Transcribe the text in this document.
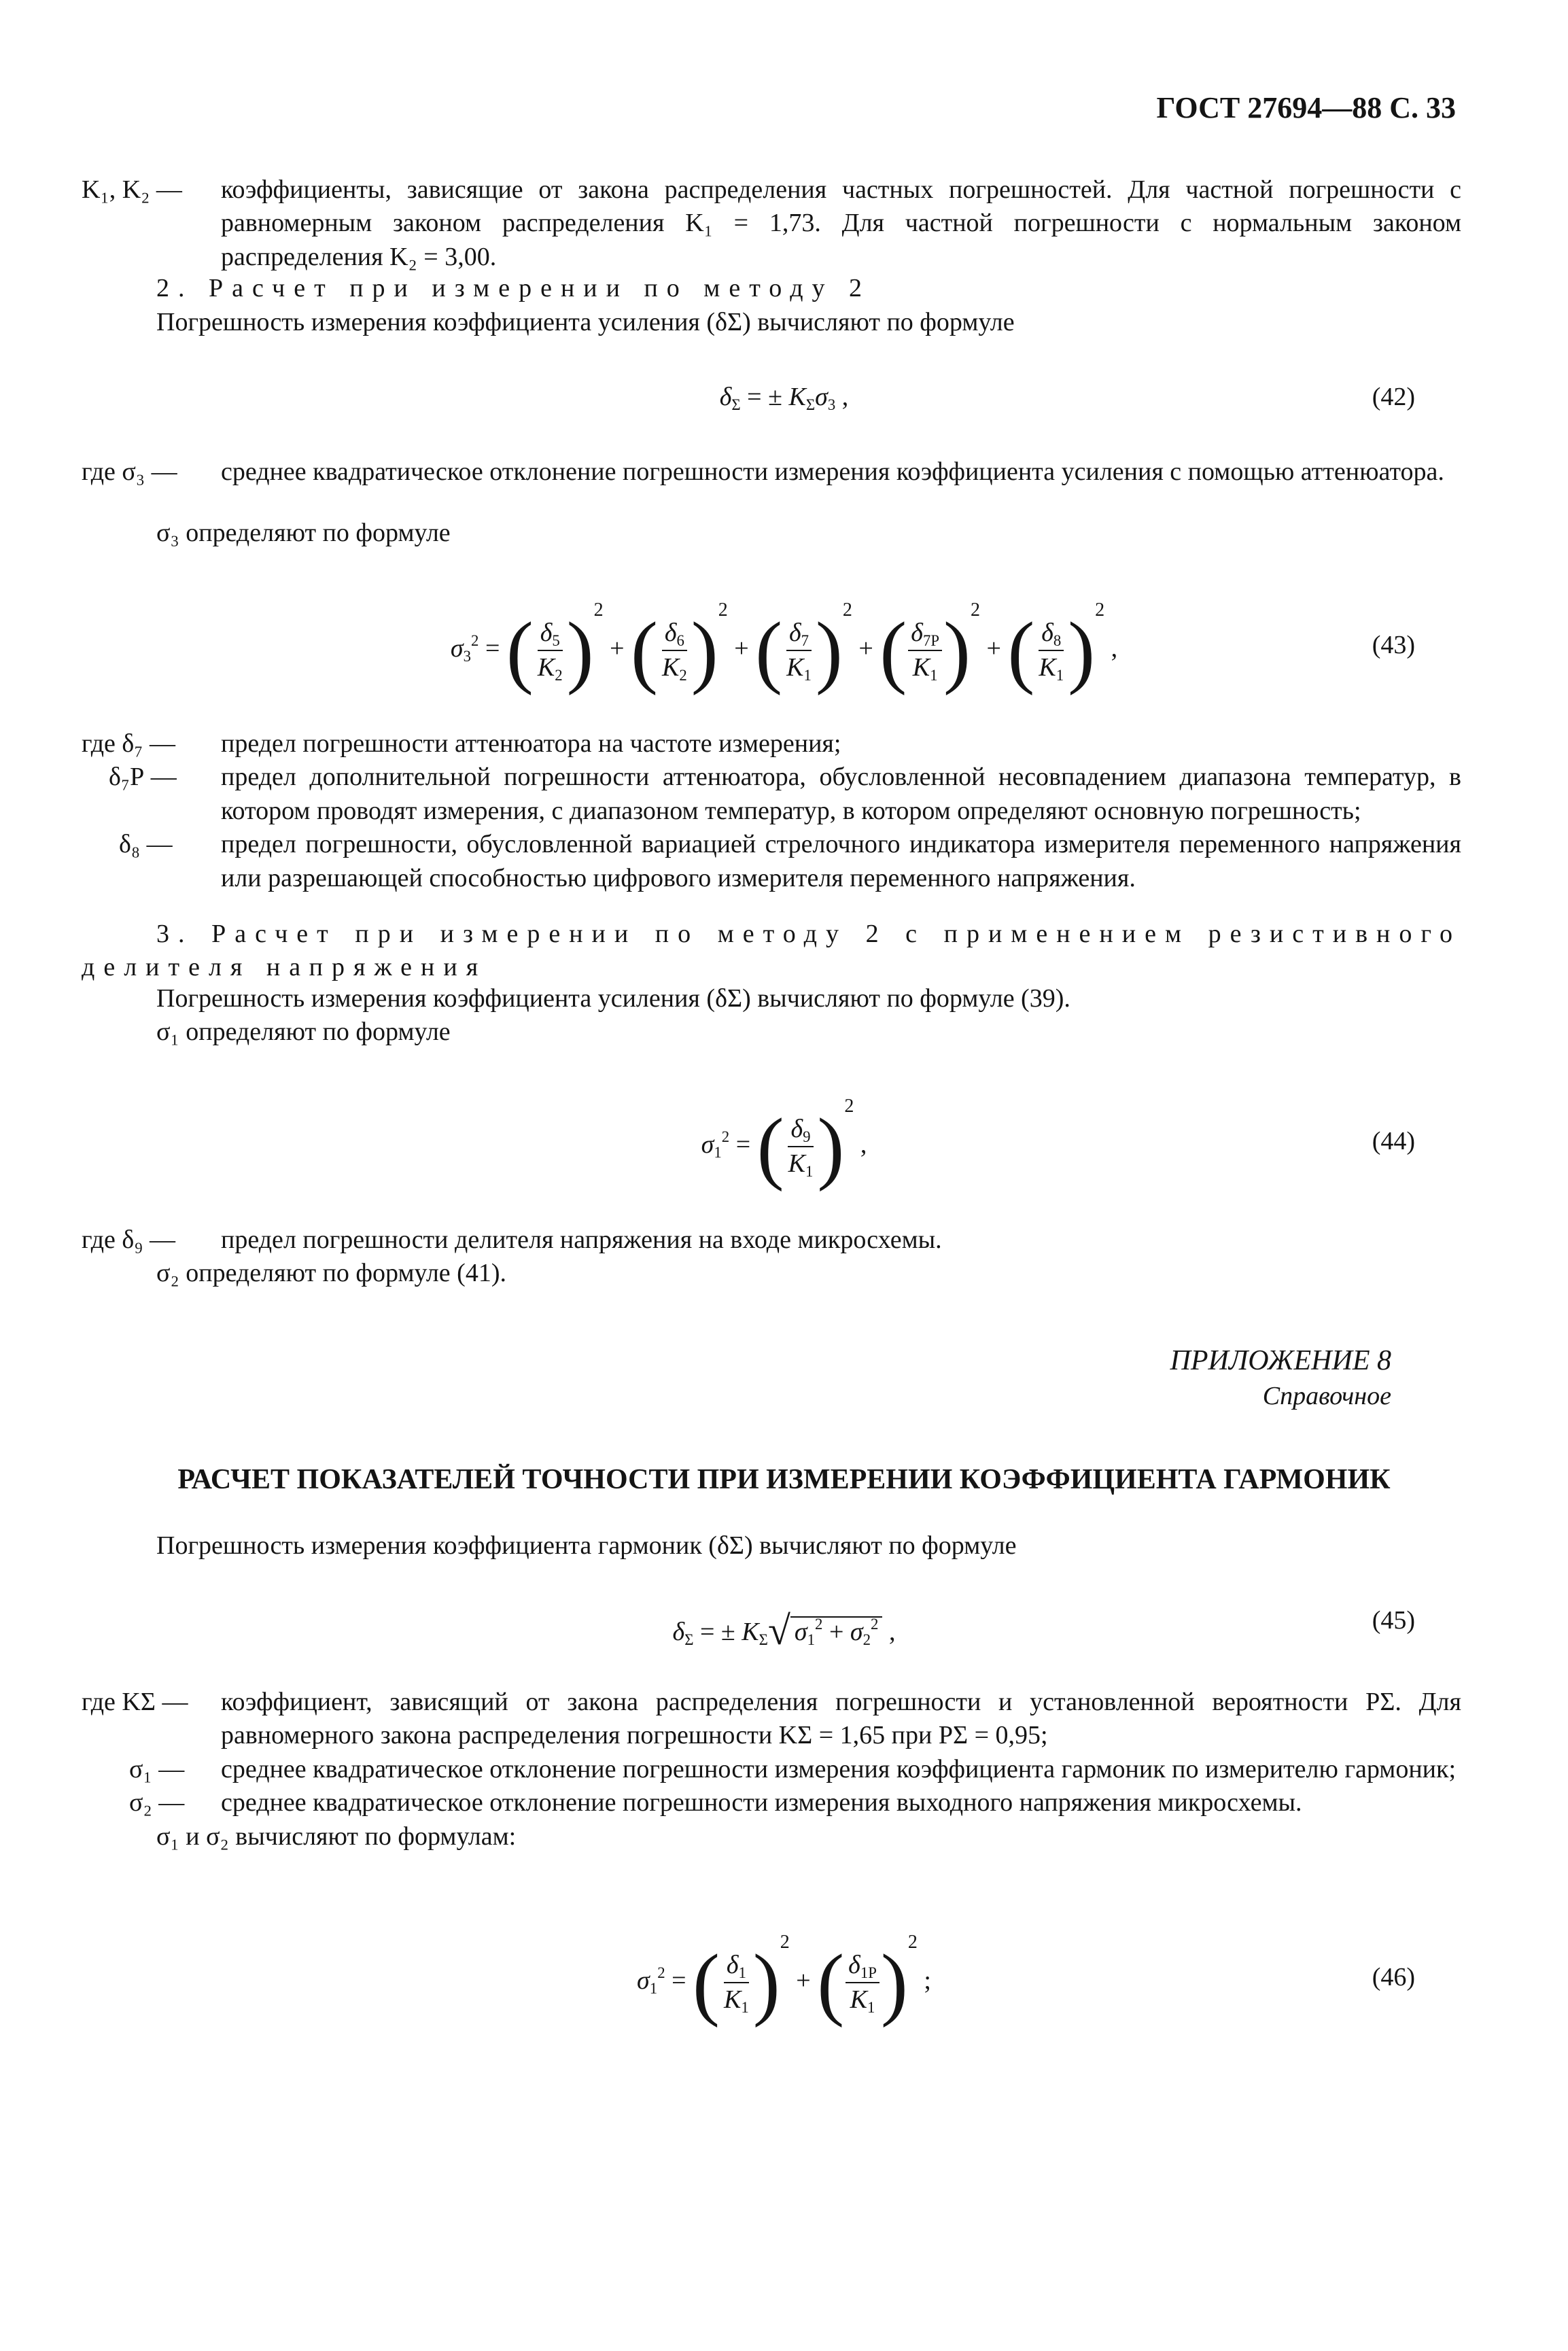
ГОСТ 27694—88 С. 33
K₁, K₂ — коэффициенты, зависящие от закона распределения частных погрешностей. Для частной погрешности с равномерным законом распределения K₁ = 1,73. Для частной погрешности с нормальным законом распределения K₂ = 3,00.
2. Расчет при измерении по методу 2
Погрешность измерения коэффициента усиления (δΣ) вычисляют по формуле
$\delta_\Sigma$ = ± $K_\Sigma\sigma_3$ ,	(42)
где σ₃ — среднее квадратическое отклонение погрешности измерения коэффициента усиления с помощью аттенюатора.
σ₃ определяют по формуле
$\sigma_3^2$ = ( $\frac{\delta_5}{K_2} )^2$ + ( $\frac{\delta_6}{K_2} )^2$ + ( $\frac{\delta_7}{K_1} )^2$ + ( $\frac{\delta_{7P}}{K_1} )^2$ + ( $\frac{\delta_8}{K_1} )^2$ ,	(43)
где δ₇ — предел погрешности аттенюатора на частоте измерения;
δ₇Р — предел дополнительной погрешности аттенюатора, обусловленной несовпадением диапазона температур, в котором проводят измерения, с диапазоном температур, в котором определяют основную погрешность;
δ₈ — предел погрешности, обусловленной вариацией стрелочного индикатора измерителя переменного напряжения или разрешающей способностью цифрового измерителя переменного напряжения.
3. Расчет при измерении по методу 2 с применением резистивного
делителя напряжения
Погрешность измерения коэффициента усиления (δΣ) вычисляют по формуле (39).
σ₁ определяют по формуле
$\sigma_1^2$ = ( $\frac{\delta_9}{K_1} )^2$ ,	(44)
где δ₉ — предел погрешности делителя напряжения на входе микросхемы.
σ₂ определяют по формуле (41).
ПРИЛОЖЕНИЕ 8
Справочное
РАСЧЕТ ПОКАЗАТЕЛЕЙ ТОЧНОСТИ ПРИ ИЗМЕРЕНИИ КОЭФФИЦИЕНТА ГАРМОНИК
Погрешность измерения коэффициента гармоник (δΣ) вычисляют по формуле
$\delta_\Sigma$ = ± $K_\Sigma√$ $\sigma_1^2 + \sigma_2^2$ ,	(45)
где KΣ — коэффициент, зависящий от закона распределения погрешности и установленной вероятности PΣ. Для равномерного закона распределения погрешности KΣ = 1,65 при PΣ = 0,95;
σ₁ — среднее квадратическое отклонение погрешности измерения коэффициента гармоник по измерителю гармоник;
σ₂ — среднее квадратическое отклонение погрешности измерения выходного напряжения микросхемы.
σ₁ и σ₂ вычисляют по формулам:
$\sigma_1^2$ = ( $\frac{\delta_1}{K_1} )^2$ + ( $\frac{\delta_{1P}}{K_1} )^2$ ;	(46)
